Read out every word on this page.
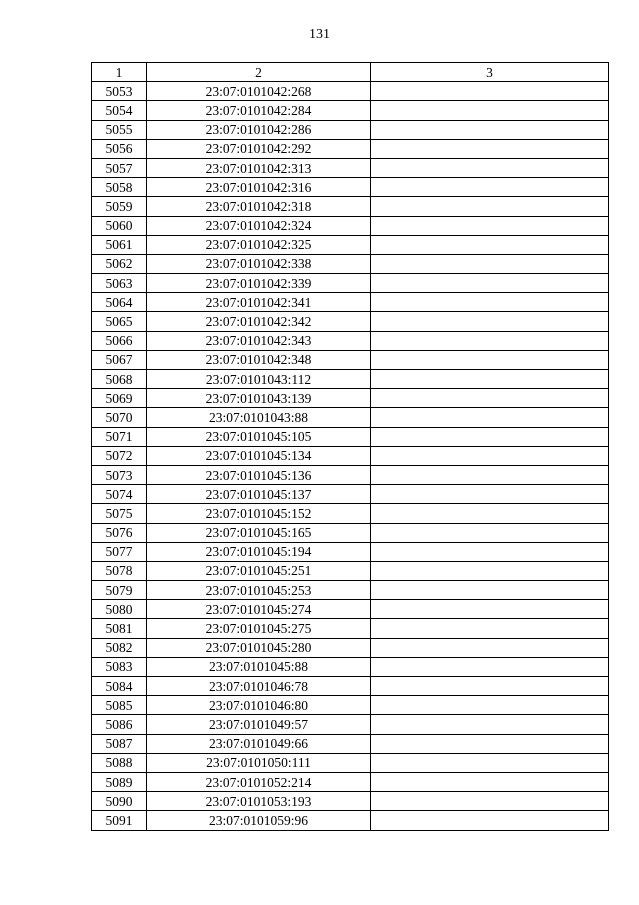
131
1	2	3
5053	23:07:0101042:268	
5054	23:07:0101042:284	
5055	23:07:0101042:286	
5056	23:07:0101042:292	
5057	23:07:0101042:313	
5058	23:07:0101042:316	
5059	23:07:0101042:318	
5060	23:07:0101042:324	
5061	23:07:0101042:325	
5062	23:07:0101042:338	
5063	23:07:0101042:339	
5064	23:07:0101042:341	
5065	23:07:0101042:342	
5066	23:07:0101042:343	
5067	23:07:0101042:348	
5068	23:07:0101043:112	
5069	23:07:0101043:139	
5070	23:07:0101043:88	
5071	23:07:0101045:105	
5072	23:07:0101045:134	
5073	23:07:0101045:136	
5074	23:07:0101045:137	
5075	23:07:0101045:152	
5076	23:07:0101045:165	
5077	23:07:0101045:194	
5078	23:07:0101045:251	
5079	23:07:0101045:253	
5080	23:07:0101045:274	
5081	23:07:0101045:275	
5082	23:07:0101045:280	
5083	23:07:0101045:88	
5084	23:07:0101046:78	
5085	23:07:0101046:80	
5086	23:07:0101049:57	
5087	23:07:0101049:66	
5088	23:07:0101050:111	
5089	23:07:0101052:214	
5090	23:07:0101053:193	
5091	23:07:0101059:96	
